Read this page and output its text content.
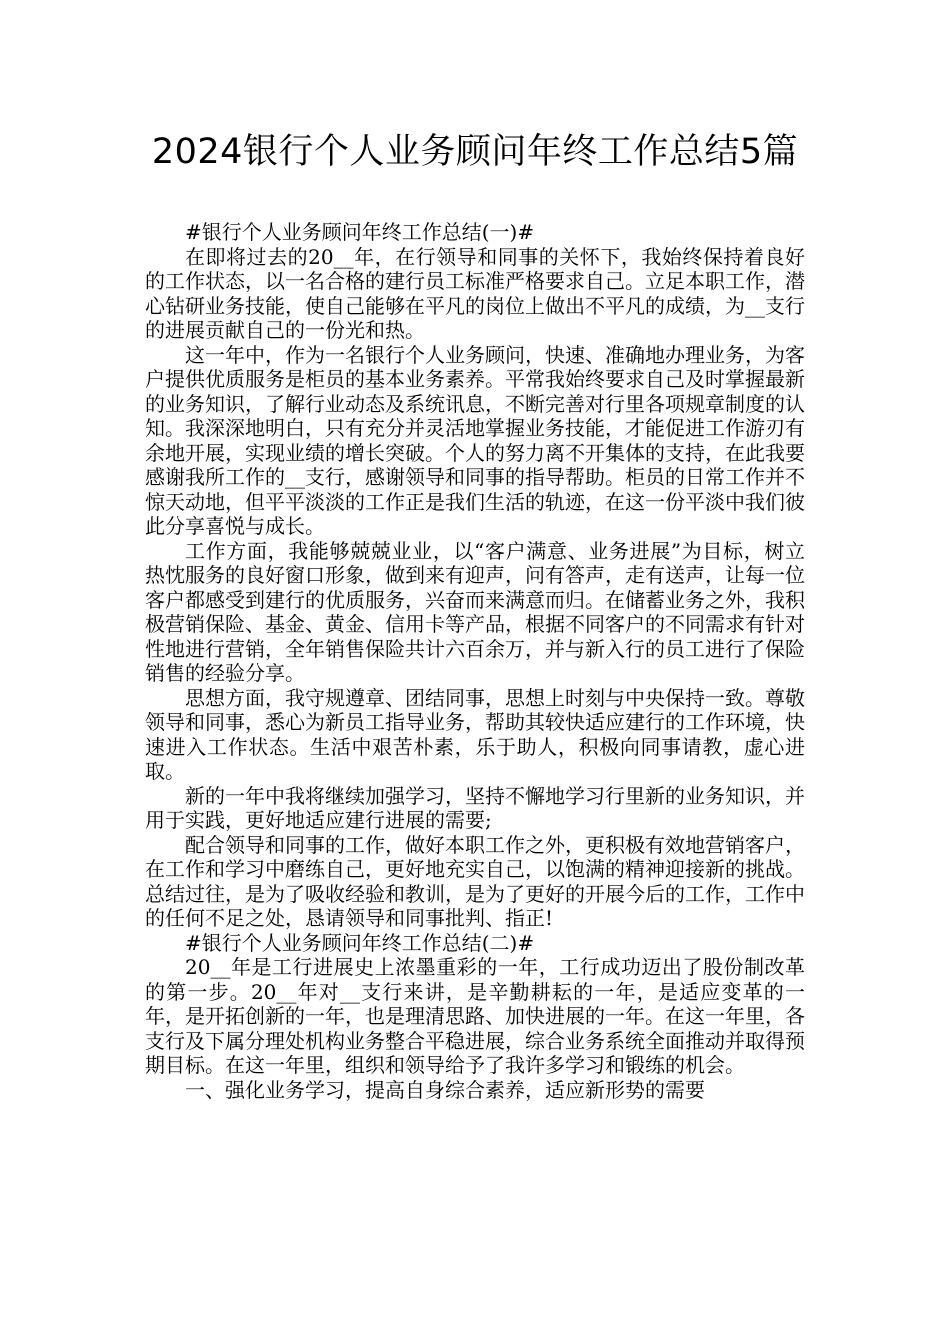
2024银行个人业务顾问年终工作总结5篇

#银行个人业务顾问年终工作总结(一)#

在即将过去的20__年，在行领导和同事的关怀下，我始终保持着良好的工作状态，以一名合格的建行员工标准严格要求自己。立足本职工作，潜心钻研业务技能，使自己能够在平凡的岗位上做出不平凡的成绩，为__支行的进展贡献自己的一份光和热。

这一年中，作为一名银行个人业务顾问，快速、准确地办理业务，为客户提供优质服务是柜员的基本业务素养。平常我始终要求自己及时掌握最新的业务知识，了解行业动态及系统讯息，不断完善对行里各项规章制度的认知。我深深地明白，只有充分并灵活地掌握业务技能，才能促进工作游刃有余地开展，实现业绩的增长突破。个人的努力离不开集体的支持，在此我要感谢我所工作的__支行，感谢领导和同事的指导帮助。柜员的日常工作并不惊天动地，但平平淡淡的工作正是我们生活的轨迹，在这一份平淡中我们彼此分享喜悦与成长。

工作方面，我能够兢兢业业，以“客户满意、业务进展”为目标，树立热忱服务的良好窗口形象，做到来有迎声，问有答声，走有送声，让每一位客户都感受到建行的优质服务，兴奋而来满意而归。在储蓄业务之外，我积极营销保险、基金、黄金、信用卡等产品，根据不同客户的不同需求有针对性地进行营销，全年销售保险共计六百余万，并与新入行的员工进行了保险销售的经验分享。

思想方面，我守规遵章、团结同事，思想上时刻与中央保持一致。尊敬领导和同事，悉心为新员工指导业务，帮助其较快适应建行的工作环境，快速进入工作状态。生活中艰苦朴素，乐于助人，积极向同事请教，虚心进取。

新的一年中我将继续加强学习，坚持不懈地学习行里新的业务知识，并用于实践，更好地适应建行进展的需要;

配合领导和同事的工作，做好本职工作之外，更积极有效地营销客户，在工作和学习中磨练自己，更好地充实自己，以饱满的精神迎接新的挑战。总结过往，是为了吸收经验和教训，是为了更好的开展今后的工作，工作中的任何不足之处，恳请领导和同事批判、指正!

#银行个人业务顾问年终工作总结(二)#

20__年是工行进展史上浓墨重彩的一年，工行成功迈出了股份制改革的第一步。20__年对__支行来讲，是辛勤耕耘的一年，是适应变革的一年，是开拓创新的一年，也是理清思路、加快进展的一年。在这一年里，各支行及下属分理处机构业务整合平稳进展，综合业务系统全面推动并取得预期目标。在这一年里，组织和领导给予了我许多学习和锻练的机会。

一、强化业务学习，提高自身综合素养，适应新形势的需要
